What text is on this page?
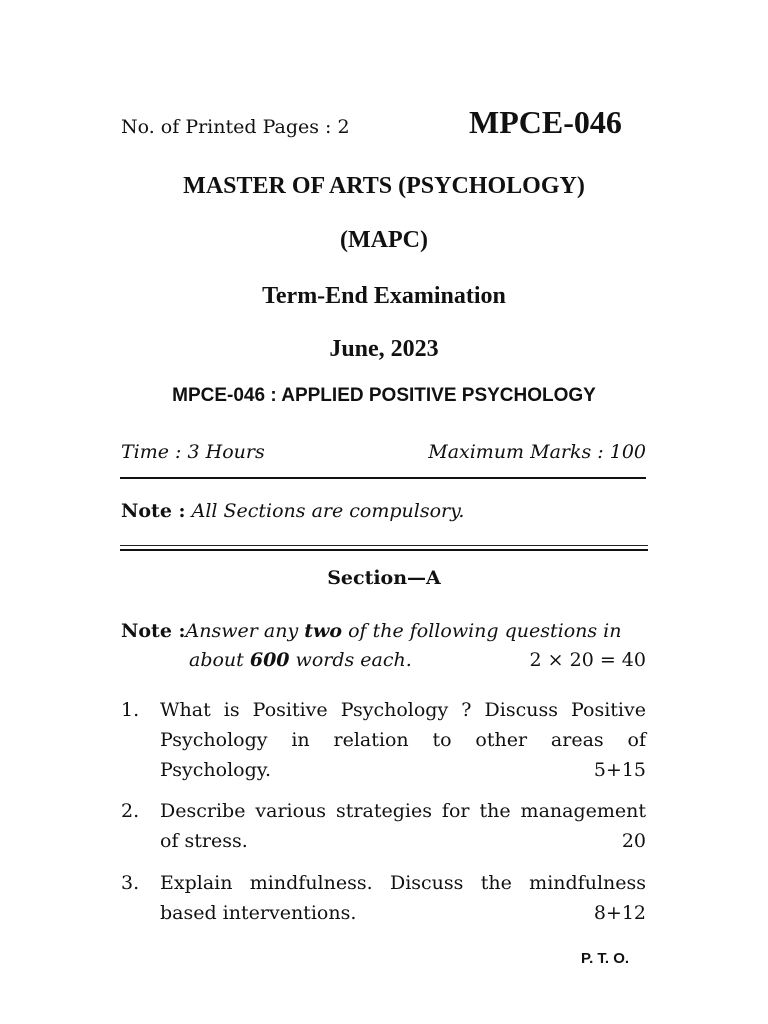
No. of Printed Pages : 2	MPCE-046
MASTER OF ARTS (PSYCHOLOGY)
(MAPC)
Term-End Examination
June, 2023
MPCE-046 : APPLIED POSITIVE PSYCHOLOGY
Time : 3 Hours	Maximum Marks : 100
Note : All Sections are compulsory.
Section—A
Note :Answer any two of the following questions in
about 600 words each.	2 × 20 = 40
1. What is Positive Psychology ? Discuss Positive
Psychology in relation to other areas of
Psychology.	5+15
2. Describe various strategies for the management
of stress.	20
3. Explain mindfulness. Discuss the mindfulness
based interventions.	8+12
P. T. O.
